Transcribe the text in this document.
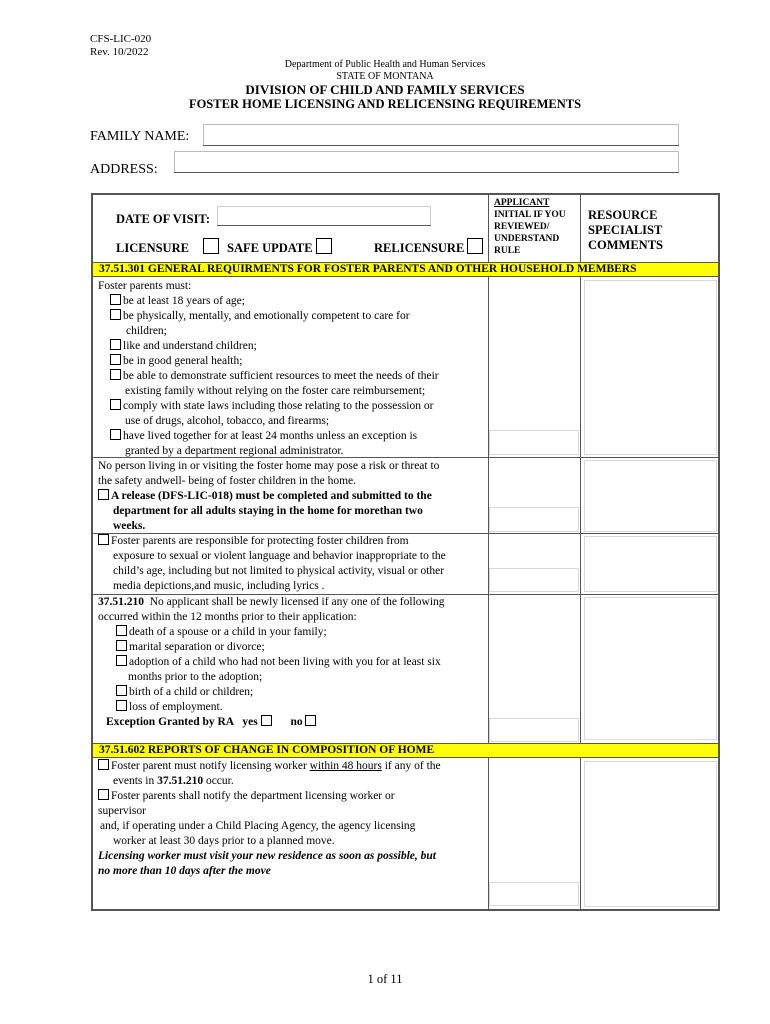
CFS-LIC-020
Rev. 10/2022
Department of Public Health and Human Services
STATE OF MONTANA
DIVISION OF CHILD AND FAMILY SERVICES
FOSTER HOME LICENSING AND RELICENSING REQUIREMENTS
FAMILY NAME:
ADDRESS:
DATE OF VISIT:
LICENSURE	SAFE UPDATE	RELICENSURE
APPLICANT
INITIAL IF YOU
REVIEWED/
UNDERSTAND
RULE
RESOURCE
SPECIALIST
COMMENTS
37.51.301 GENERAL REQUIRMENTS FOR FOSTER PARENTS AND OTHER HOUSEHOLD MEMBERS
Foster parents must:
be at least 18 years of age;
be physically, mentally, and emotionally competent to care for
children;
like and understand children;
be in good general health;
be able to demonstrate sufficient resources to meet the needs of their
existing family without relying on the foster care reimbursement;
comply with state laws including those relating to the possession or
use of drugs, alcohol, tobacco, and firearms;
have lived together for at least 24 months unless an exception is
granted by a department regional administrator.
No person living in or visiting the foster home may pose a risk or threat to
the safety andwell- being of foster children in the home.
A release (DFS-LIC-018) must be completed and submitted to the
department for all adults staying in the home for morethan two
weeks.
Foster parents are responsible for protecting foster children from
exposure to sexual or violent language and behavior inappropriate to the
child’s age, including but not limited to physical activity, visual or other
media depictions,and music, including lyrics .
37.51.210  No applicant shall be newly licensed if any one of the following
occurred within the 12 months prior to their application:
death of a spouse or a child in your family;
marital separation or divorce;
adoption of a child who had not been living with you for at least six
months prior to the adoption;
birth of a child or children;
loss of employment.
Exception Granted by RA yes	no
37.51.602 REPORTS OF CHANGE IN COMPOSITION OF HOME
Foster parent must notify licensing worker within 48 hours if any of the
events in 37.51.210 occur.
Foster parents shall notify the department licensing worker or
supervisor
and, if operating under a Child Placing Agency, the agency licensing
worker at least 30 days prior to a planned move.
Licensing worker must visit your new residence as soon as possible, but
no more than 10 days after the move
1 of 11
